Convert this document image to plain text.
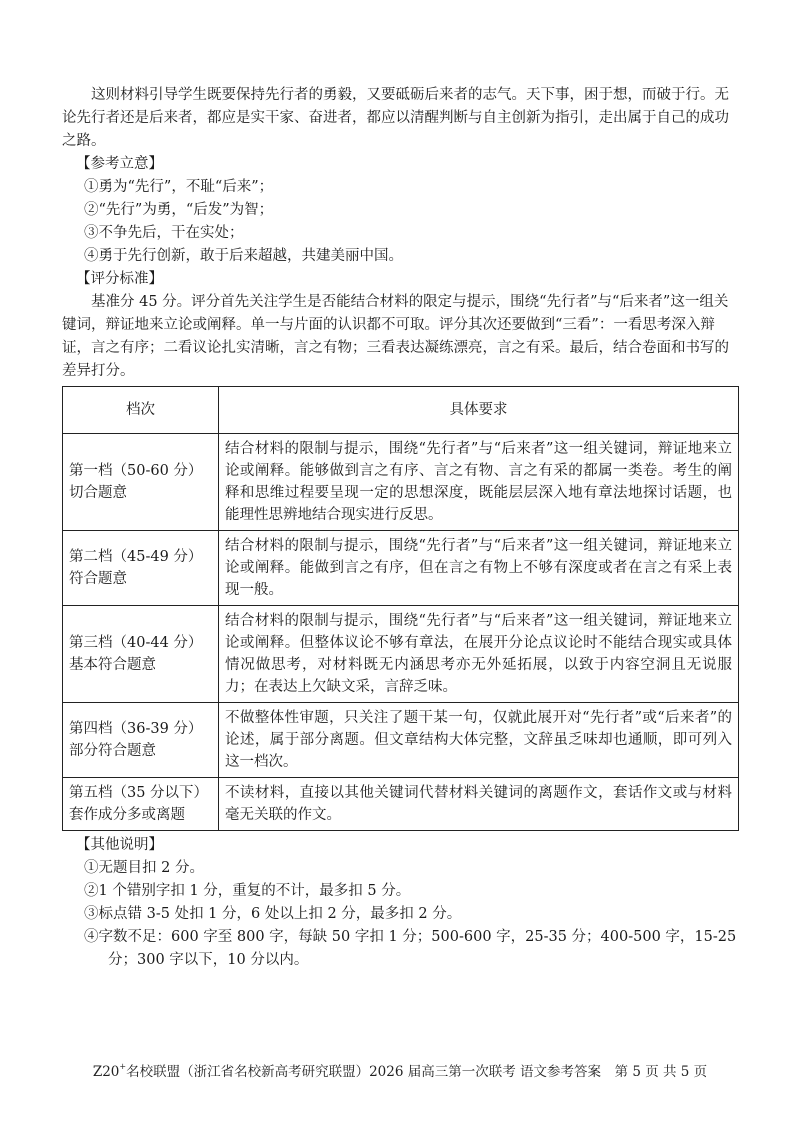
这则材料引导学生既要保持先行者的勇毅，又要砥砺后来者的志气。天下事，困于想，而破于行。无论先行者还是后来者，都应是实干家、奋进者，都应以清醒判断与自主创新为指引，走出属于自己的成功之路。

【参考立意】

①勇为“先行”，不耻“后来”；

②“先行”为勇，“后发”为智；

③不争先后，干在实处；

④勇于先行创新，敢于后来超越，共建美丽中国。

【评分标准】

基准分 45 分。评分首先关注学生是否能结合材料的限定与提示，围绕“先行者”与“后来者”这一组关键词，辩证地来立论或阐释。单一与片面的认识都不可取。评分其次还要做到“三看”：一看思考深入辩证，言之有序；二看议论扎实清晰，言之有物；三看表达凝练漂亮，言之有采。最后，结合卷面和书写的差异打分。

档次	具体要求

第一档（50-60 分）
切合题意	结合材料的限制与提示，围绕“先行者”与“后来者”这一组关键词，辩证地来立论或阐释。能够做到言之有序、言之有物、言之有采的都属一类卷。考生的阐释和思维过程要呈现一定的思想深度，既能层层深入地有章法地探讨话题，也能理性思辨地结合现实进行反思。

第二档（45-49 分）
符合题意	结合材料的限制与提示，围绕“先行者”与“后来者”这一组关键词，辩证地来立论或阐释。能做到言之有序，但在言之有物上不够有深度或者在言之有采上表现一般。

第三档（40-44 分）
基本符合题意	结合材料的限制与提示，围绕“先行者”与“后来者”这一组关键词，辩证地来立论或阐释。但整体议论不够有章法，在展开分论点议论时不能结合现实或具体情况做思考，对材料既无内涵思考亦无外延拓展，以致于内容空洞且无说服力；在表达上欠缺文采，言辞乏味。

第四档（36-39 分）
部分符合题意	不做整体性审题，只关注了题干某一句，仅就此展开对“先行者”或“后来者”的论述，属于部分离题。但文章结构大体完整，文辞虽乏味却也通顺，即可列入这一档次。

第五档（35 分以下）
套作成分多或离题	不读材料，直接以其他关键词代替材料关键词的离题作文，套话作文或与材料毫无关联的作文。

【其他说明】

①无题目扣 2 分。

②1 个错别字扣 1 分，重复的不计，最多扣 5 分。

③标点错 3-5 处扣 1 分，6 处以上扣 2 分，最多扣 2 分。

④字数不足：600 字至 800 字，每缺 50 字扣 1 分；500-600 字，25-35 分；400-500 字，15-25 分；300 字以下，10 分以内。

Z20+名校联盟（浙江省名校新高考研究联盟）2026 届高三第一次联考 语文参考答案　第 5 页 共 5 页
